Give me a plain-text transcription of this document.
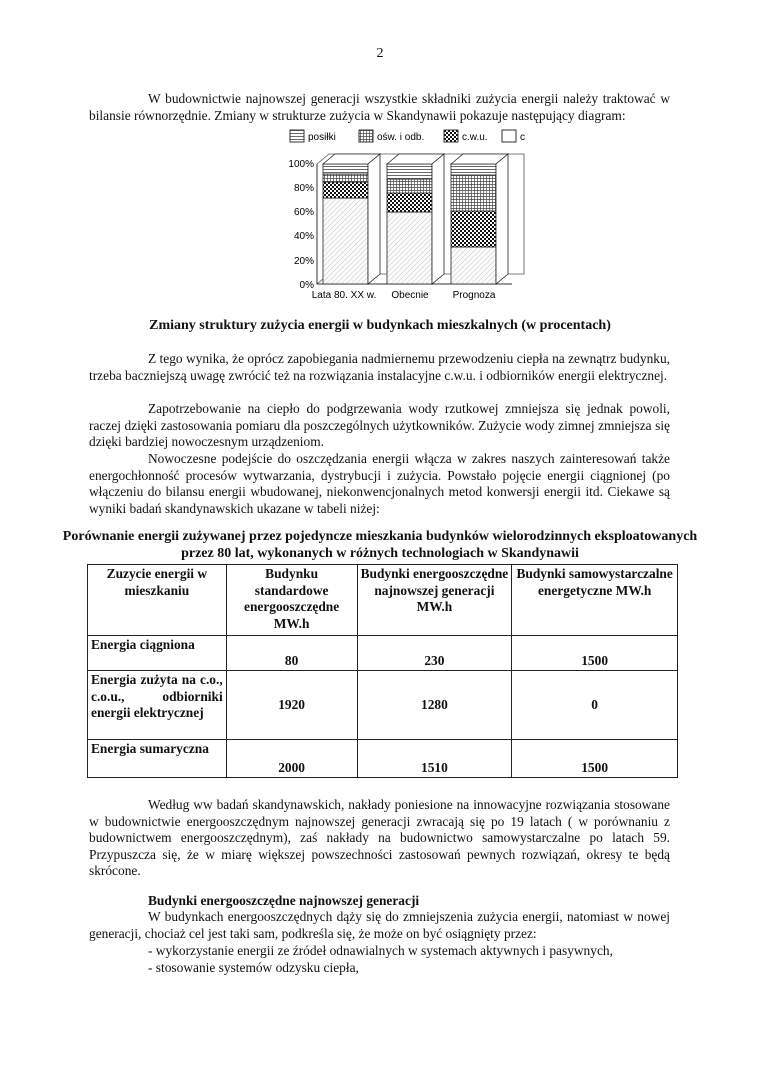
2

W budownictwie najnowszej generacji wszystkie składniki zużycia energii należy traktować w bilansie równorzędnie. Zmiany w strukturze zużycia w Skandynawii pokazuje następujący diagram:

posiłki	ośw. i odb.	c.w.u.	c
0%
20%
40%
60%
80%
100%
Lata 80. XX w. Obecnie Prognoza
Zmiany struktury zużycia energii w budynkach mieszkalnych (w procentach)

Z tego wynika, że oprócz zapobiegania nadmiernemu przewodzeniu ciepła na zewnątrz budynku, trzeba baczniejszą uwagę zwrócić też na rozwiązania instalacyjne c.w.u. i odbiorników energii elektrycznej.

Zapotrzebowanie na ciepło do podgrzewania wody rzutkowej zmniejsza się jednak powoli, raczej dzięki zastosowania pomiaru dla poszczególnych użytkowników. Zużycie wody zimnej zmniejsza się dzięki bardziej nowoczesnym urządzeniom.

Nowoczesne podejście do oszczędzania energii włącza w zakres naszych zainteresowań także energochłonność procesów wytwarzania, dystrybucji i zużycia. Powstało pojęcie energii ciągnionej (po włączeniu do bilansu energii wbudowanej, niekonwencjonalnych metod konwersji energii itd. Ciekawe są wyniki badań skandynawskich ukazane w tabeli niżej:

Porównanie energii zużywanej przez pojedyncze mieszkania budynków wielorodzinnych eksploatowanych przez 80 lat, wykonanych w różnych technologiach w Skandynawii
Zuzycie energii w mieszkaniu	Budynku standardowe energooszczędne MW.h	Budynki energooszczędne najnowszej generacji MW.h	Budynki samowystarczalne energetyczne MW.h
Energia ciągniona	80	230	1500
Energia zużyta na c.o., c.o.u., odbiorniki energii elektrycznej	1920	1280	0
Energia sumaryczna	2000	1510	1500

Według ww badań skandynawskich, nakłady poniesione na innowacyjne rozwiązania stosowane w budownictwie energooszczędnym najnowszej generacji zwracają się po 19 latach ( w porównaniu z budownictwem energooszczędnym), zaś nakłady na budownictwo samowystarczalne po latach 59. Przypuszcza się, że w miarę większej powszechności zastosowań pewnych rozwiązań, okresy te będą skrócone.

Budynki energooszczędne najnowszej generacji

W budynkach energooszczędnych dąży się do zmniejszenia zużycia energii, natomiast w nowej generacji, chociaż cel jest taki sam, podkreśla się, że może on być osiągnięty przez:

- wykorzystanie energii ze źródeł odnawialnych w systemach aktywnych i pasywnych,
- stosowanie systemów odzysku ciepła,
